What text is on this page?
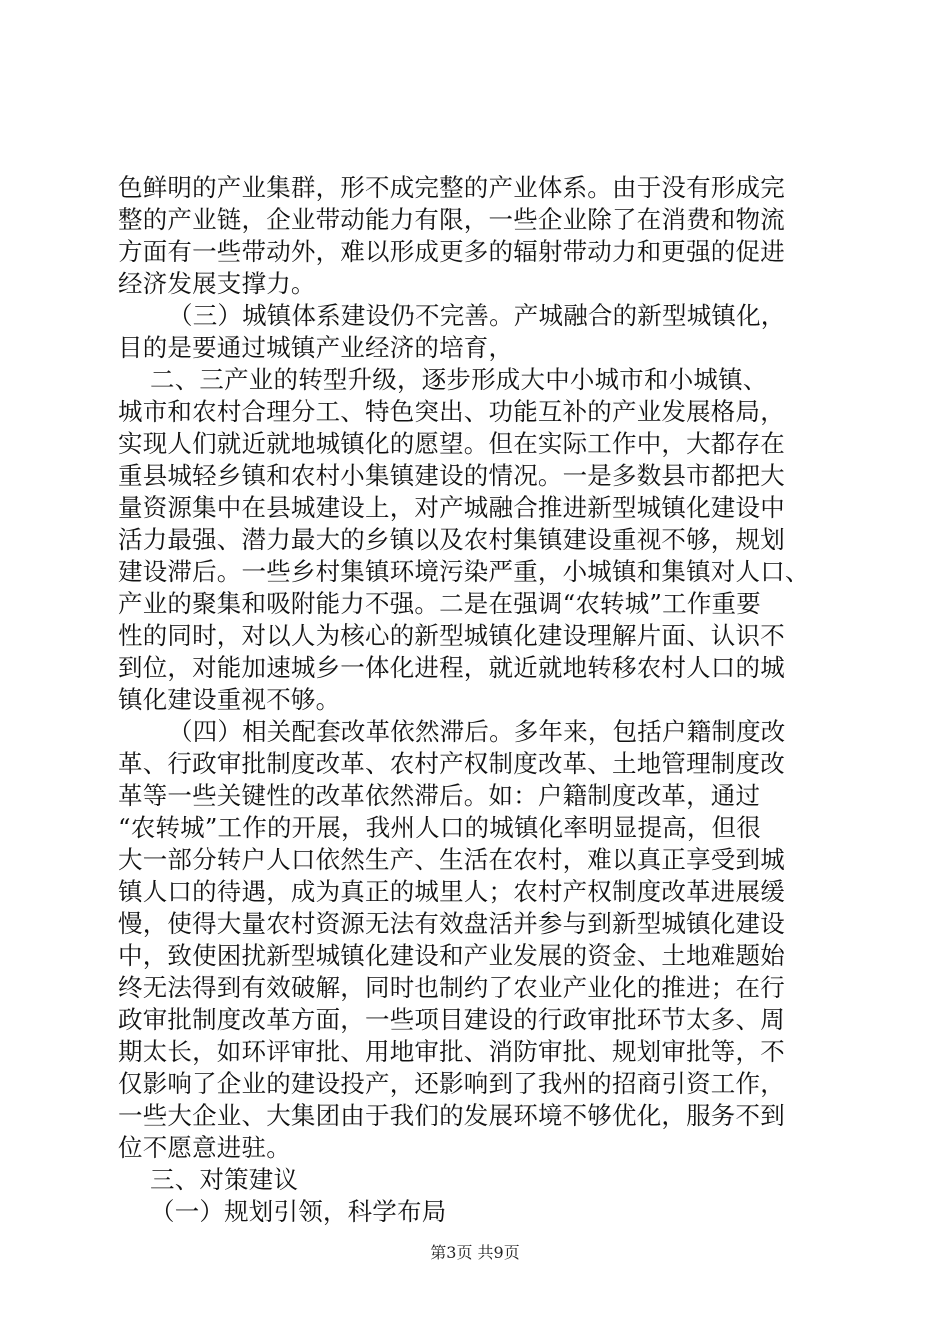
色鲜明的产业集群，形不成完整的产业体系。由于没有形成完
整的产业链，企业带动能力有限，一些企业除了在消费和物流
方面有一些带动外，难以形成更多的辐射带动力和更强的促进
经济发展支撑力。
（三）城镇体系建设仍不完善。产城融合的新型城镇化，
目的是要通过城镇产业经济的培育，
二、三产业的转型升级，逐步形成大中小城市和小城镇、
城市和农村合理分工、特色突出、功能互补的产业发展格局，
实现人们就近就地城镇化的愿望。但在实际工作中，大都存在
重县城轻乡镇和农村小集镇建设的情况。一是多数县市都把大
量资源集中在县城建设上，对产城融合推进新型城镇化建设中
活力最强、潜力最大的乡镇以及农村集镇建设重视不够，规划
建设滞后。一些乡村集镇环境污染严重，小城镇和集镇对人口、
产业的聚集和吸附能力不强。二是在强调“农转城”工作重要
性的同时，对以人为核心的新型城镇化建设理解片面、认识不
到位，对能加速城乡一体化进程，就近就地转移农村人口的城
镇化建设重视不够。
（四）相关配套改革依然滞后。多年来，包括户籍制度改
革、行政审批制度改革、农村产权制度改革、土地管理制度改
革等一些关键性的改革依然滞后。如：户籍制度改革，通过
“农转城”工作的开展，我州人口的城镇化率明显提高，但很
大一部分转户人口依然生产、生活在农村，难以真正享受到城
镇人口的待遇，成为真正的城里人；农村产权制度改革进展缓
慢，使得大量农村资源无法有效盘活并参与到新型城镇化建设
中，致使困扰新型城镇化建设和产业发展的资金、土地难题始
终无法得到有效破解，同时也制约了农业产业化的推进；在行
政审批制度改革方面，一些项目建设的行政审批环节太多、周
期太长，如环评审批、用地审批、消防审批、规划审批等，不
仅影响了企业的建设投产，还影响到了我州的招商引资工作，
一些大企业、大集团由于我们的发展环境不够优化，服务不到
位不愿意进驻。
三、对策建议
（一）规划引领，科学布局
第3页 共9页
